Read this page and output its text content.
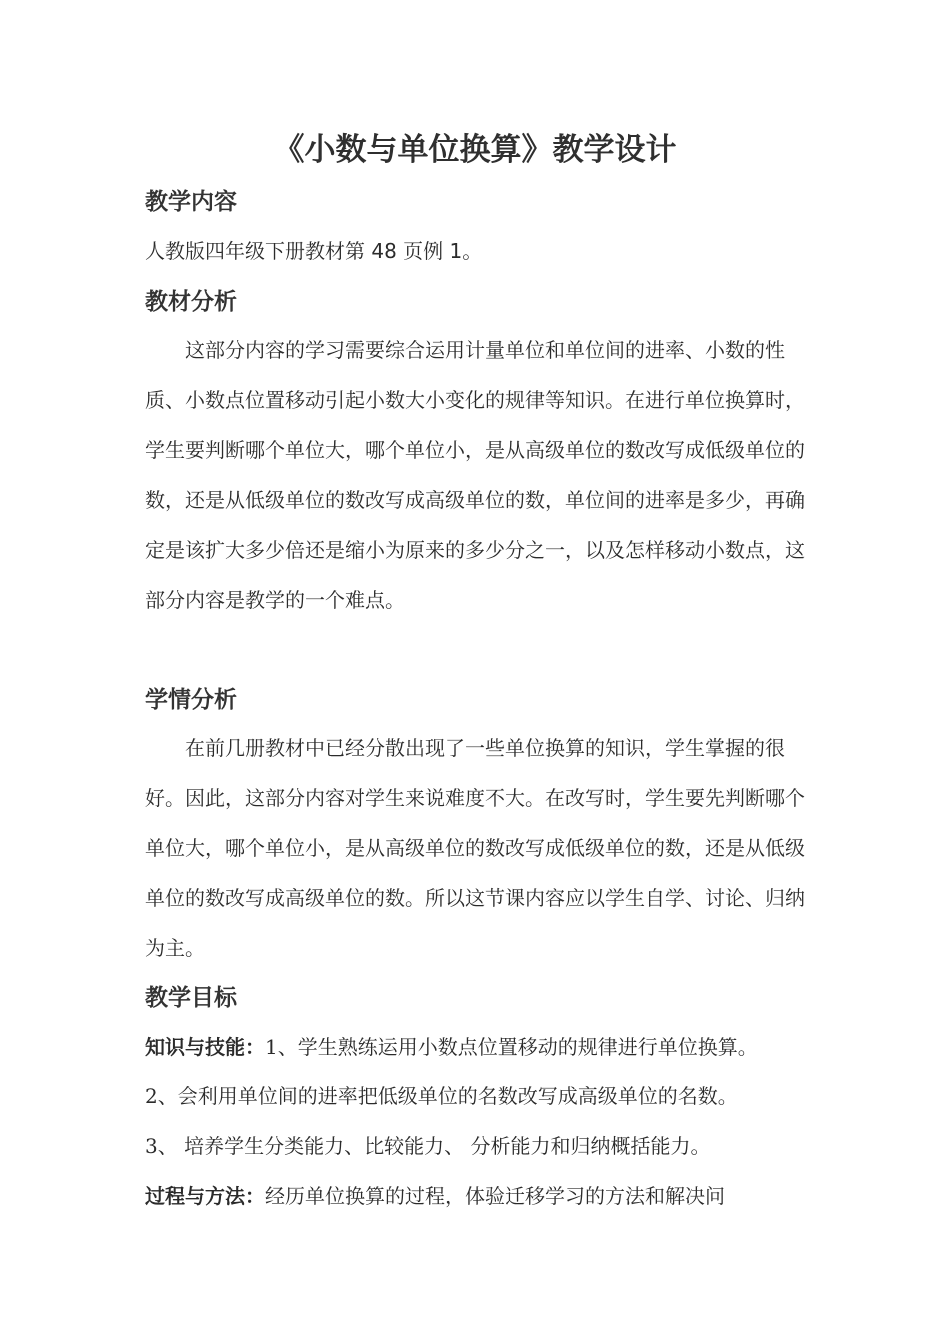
《小数与单位换算》教学设计
教学内容
人教版四年级下册教材第 48 页例 1。
教材分析

这部分内容的学习需要综合运用计量单位和单位间的进率、小数的性质、小数点位置移动引起小数大小变化的规律等知识。在进行单位换算时，学生要判断哪个单位大，哪个单位小，是从高级单位的数改写成低级单位的数，还是从低级单位的数改写成高级单位的数，单位间的进率是多少，再确定是该扩大多少倍还是缩小为原来的多少分之一，以及怎样移动小数点，这部分内容是教学的一个难点。

学情分析

在前几册教材中已经分散出现了一些单位换算的知识，学生掌握的很好。因此，这部分内容对学生来说难度不大。在改写时，学生要先判断哪个单位大，哪个单位小，是从高级单位的数改写成低级单位的数，还是从低级单位的数改写成高级单位的数。所以这节课内容应以学生自学、讨论、归纳为主。

教学目标
知识与技能：1、学生熟练运用小数点位置移动的规律进行单位换算。
2、会利用单位间的进率把低级单位的名数改写成高级单位的名数。
3、 培养学生分类能力、比较能力、 分析能力和归纳概括能力。
过程与方法：经历单位换算的过程，体验迁移学习的方法和解决问
